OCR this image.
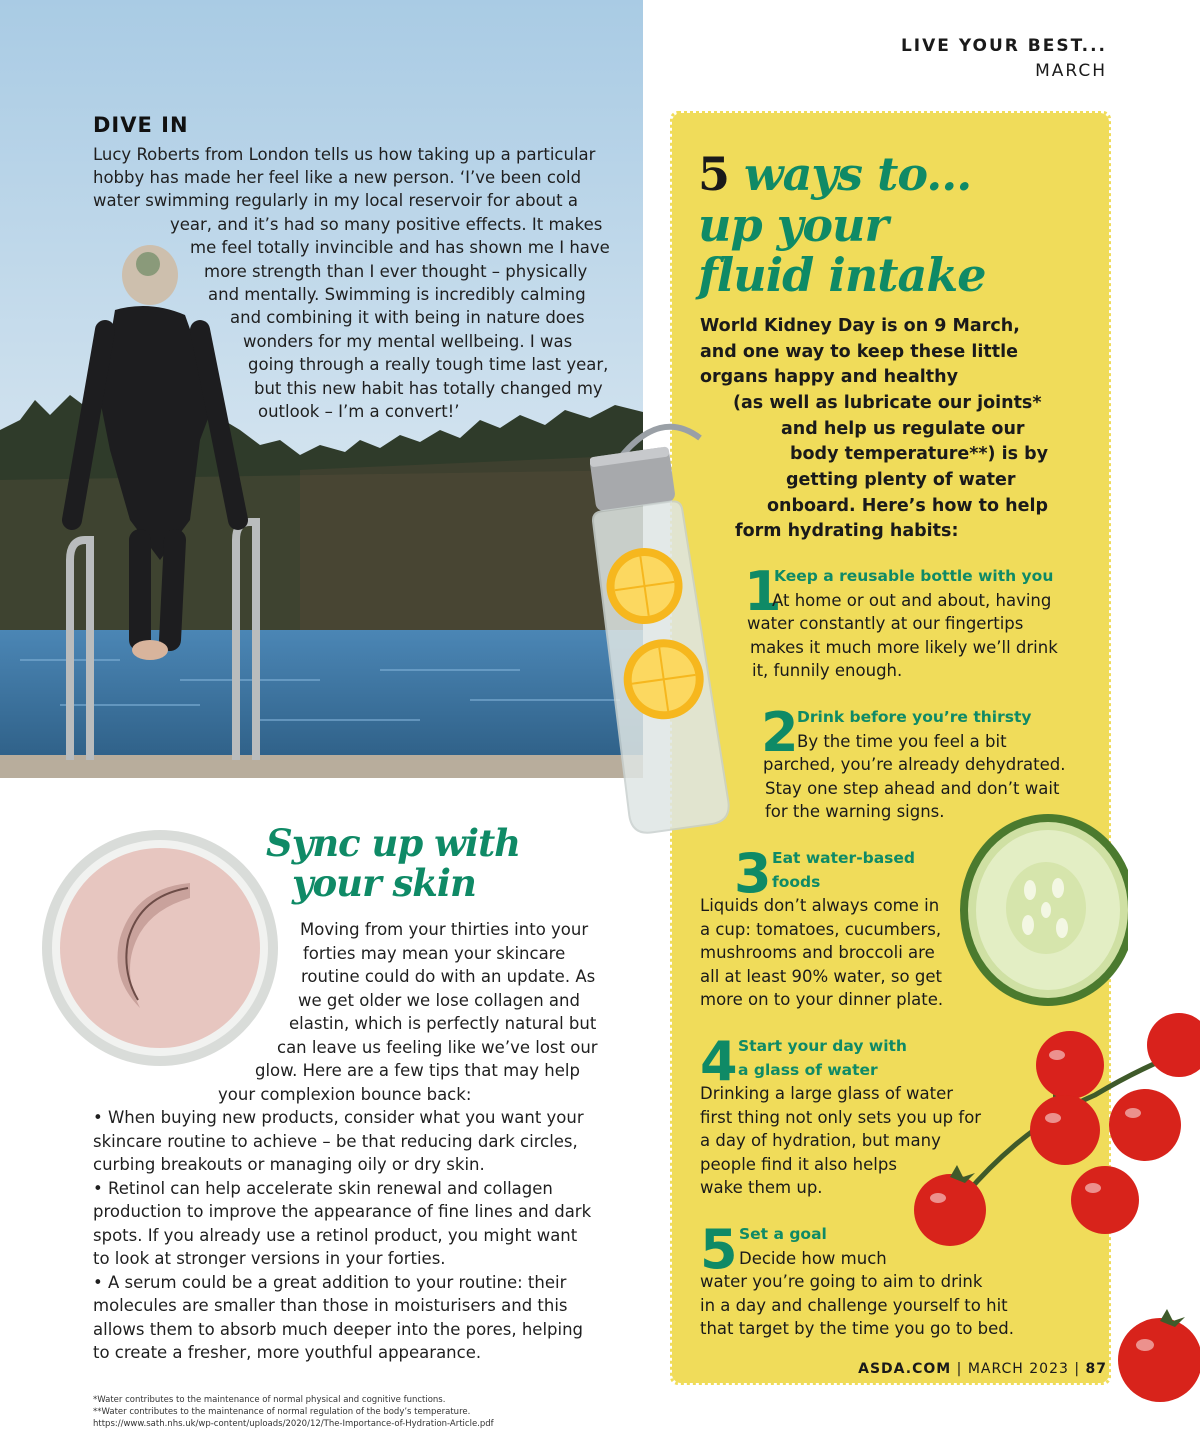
LIVE YOUR BEST...
MARCH
DIVE IN
Lucy Roberts from London tells us how taking up a particular
hobby has made her feel like a new person. ‘I’ve been cold
water swimming regularly in my local reservoir for about a
year, and it’s had so many positive effects. It makes
me feel totally invincible and has shown me I have
more strength than I ever thought – physically
and mentally. Swimming is incredibly calming
and combining it with being in nature does
wonders for my mental wellbeing. I was
going through a really tough time last year,
but this new habit has totally changed my
outlook – I’m a convert!’
5 ways to...
up your
fluid intake
World Kidney Day is on 9 March,
and one way to keep these little
organs happy and healthy
(as well as lubricate our joints*
and help us regulate our
body temperature**) is by
getting plenty of water
onboard. Here’s how to help
form hydrating habits:
1
Keep a reusable bottle with you
At home or out and about, having
water constantly at our fingertips
makes it much more likely we’ll drink
it, funnily enough.
2
Drink before you’re thirsty
By the time you feel a bit
parched, you’re already dehydrated.
Stay one step ahead and don’t wait
for the warning signs.
3 Eat water-based
foods
Liquids don’t always come in
a cup: tomatoes, cucumbers,
mushrooms and broccoli are
all at least 90% water, so get
more on to your dinner plate.
4 Start your day with
a glass of water
Drinking a large glass of water
first thing not only sets you up for
a day of hydration, but many
people find it also helps
wake them up.
5 Set a goal
Decide how much
water you’re going to aim to drink
in a day and challenge yourself to hit
that target by the time you go to bed.
Sync up with
your skin
Moving from your thirties into your
forties may mean your skincare
routine could do with an update. As
we get older we lose collagen and
elastin, which is perfectly natural but
can leave us feeling like we’ve lost our
glow. Here are a few tips that may help
your complexion bounce back:
• When buying new products, consider what you want your
skincare routine to achieve – be that reducing dark circles,
curbing breakouts or managing oily or dry skin.
• Retinol can help accelerate skin renewal and collagen
production to improve the appearance of fine lines and dark
spots. If you already use a retinol product, you might want
to look at stronger versions in your forties.
• A serum could be a great addition to your routine: their
molecules are smaller than those in moisturisers and this
allows them to absorb much deeper into the pores, helping
to create a fresher, more youthful appearance.
*Water contributes to the maintenance of normal physical and cognitive functions.
**Water contributes to the maintenance of normal regulation of the body’s temperature.
https://www.sath.nhs.uk/wp-content/uploads/2020/12/The-Importance-of-Hydration-Article.pdf
ASDA.COM | MARCH 2023 | 87
